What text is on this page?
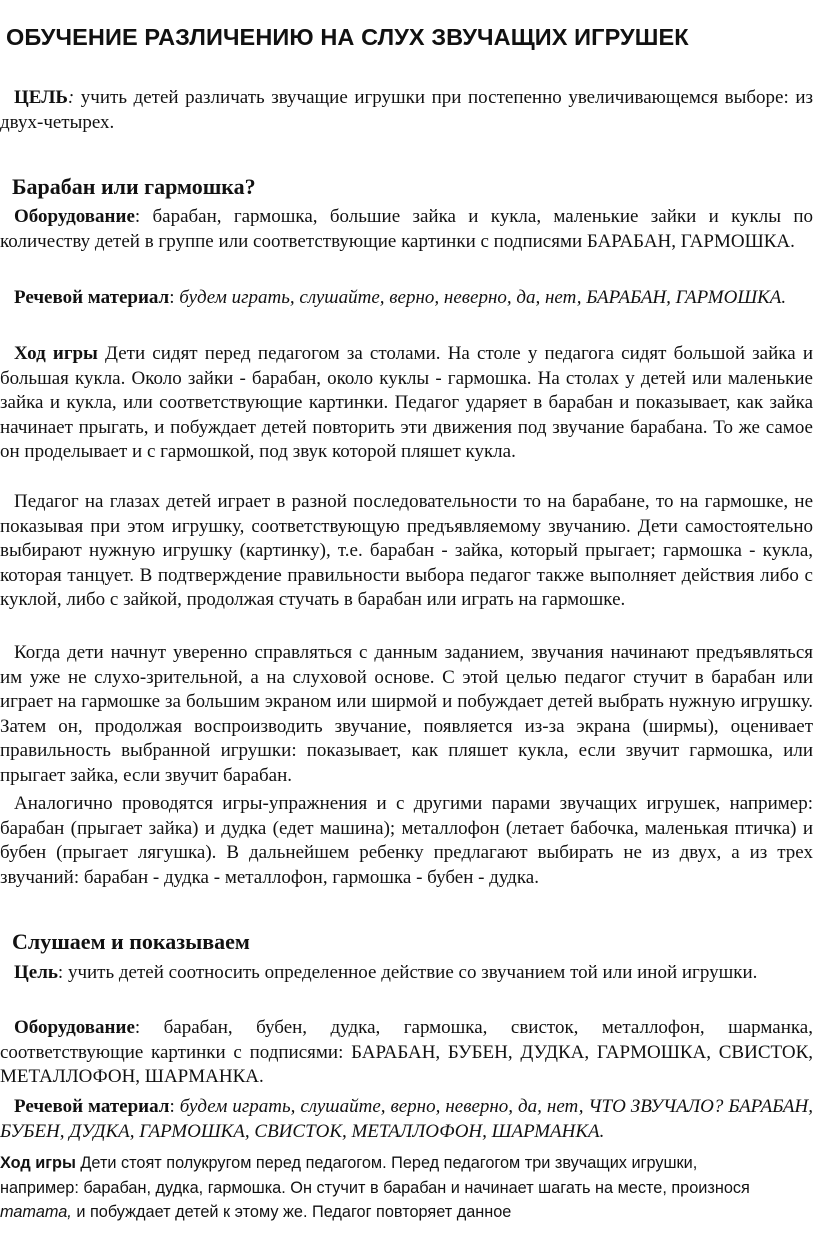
ОБУЧЕНИЕ РАЗЛИЧЕНИЮ НА СЛУХ ЗВУЧАЩИХ ИГРУШЕК

ЦЕЛЬ: учить детей различать звучащие игрушки при постепенно увеличивающемся выборе: из двух-четырех.

Барабан или гармошка?

Оборудование: барабан, гармошка, большие зайка и кукла, маленькие зайки и куклы по количеству детей в группе или соответствующие картинки с подписями БАРАБАН, ГАРМОШКА.

Речевой материал: будем играть, слушайте, верно, неверно, да, нет, БАРАБАН, ГАРМОШКА.

Ход игры Дети сидят перед педагогом за столами. На столе у педагога сидят большой зайка и большая кукла. Около зайки - барабан, около куклы - гармошка. На столах у детей или маленькие зайка и кукла, или соответствующие картинки. Педагог ударяет в барабан и показывает, как зайка начинает прыгать, и побуждает детей повторить эти движения под звучание барабана. То же самое он проделывает и с гармошкой, под звук которой пляшет кукла.

Педагог на глазах детей играет в разной последовательности то на барабане, то на гармошке, не показывая при этом игрушку, соответствующую предъявляемому звучанию. Дети самостоятельно выбирают нужную игрушку (картинку), т.е. барабан - зайка, который прыгает; гармошка - кукла, которая танцует. В подтверждение правильности выбора педагог также выполняет действия либо с куклой, либо с зайкой, продолжая стучать в барабан или играть на гармошке.

Когда дети начнут уверенно справляться с данным заданием, звучания начинают предъявляться им уже не слухо-зрительной, а на слуховой основе. С этой целью педагог стучит в барабан или играет на гармошке за большим экраном или ширмой и побуждает детей выбрать нужную игрушку. Затем он, продолжая воспроизводить звучание, появляется из-за экрана (ширмы), оценивает правильность выбранной игрушки: показывает, как пляшет кукла, если звучит гармошка, или прыгает зайка, если звучит барабан.

Аналогично проводятся игры-упражнения и с другими парами звучащих игрушек, например: барабан (прыгает зайка) и дудка (едет машина); металлофон (летает бабочка, маленькая птичка) и бубен (прыгает лягушка). В дальнейшем ребенку предлагают выбирать не из двух, а из трех звучаний: барабан - дудка - металлофон, гармошка - бубен - дудка.

Слушаем и показываем

Цель: учить детей соотносить определенное действие со звучанием той или иной игрушки.

Оборудование: барабан, бубен, дудка, гармошка, свисток, металлофон, шарманка, соответствующие картинки с подписями: БАРАБАН, БУБЕН, ДУДКА, ГАРМОШКА, СВИСТОК, МЕТАЛЛОФОН, ШАРМАНКА.

Речевой материал: будем играть, слушайте, верно, неверно, да, нет, ЧТО ЗВУЧАЛО? БАРАБАН, БУБЕН, ДУДКА, ГАРМОШКА, СВИСТОК, МЕТАЛЛОФОН, ШАРМАНКА.

Ход игры Дети стоят полукругом перед педагогом. Перед педагогом три звучащих игрушки,
например: барабан, дудка, гармошка. Он стучит в барабан и начинает шагать на месте, произнося
татата, и побуждает детей к этому же. Педагог повторяет данное
